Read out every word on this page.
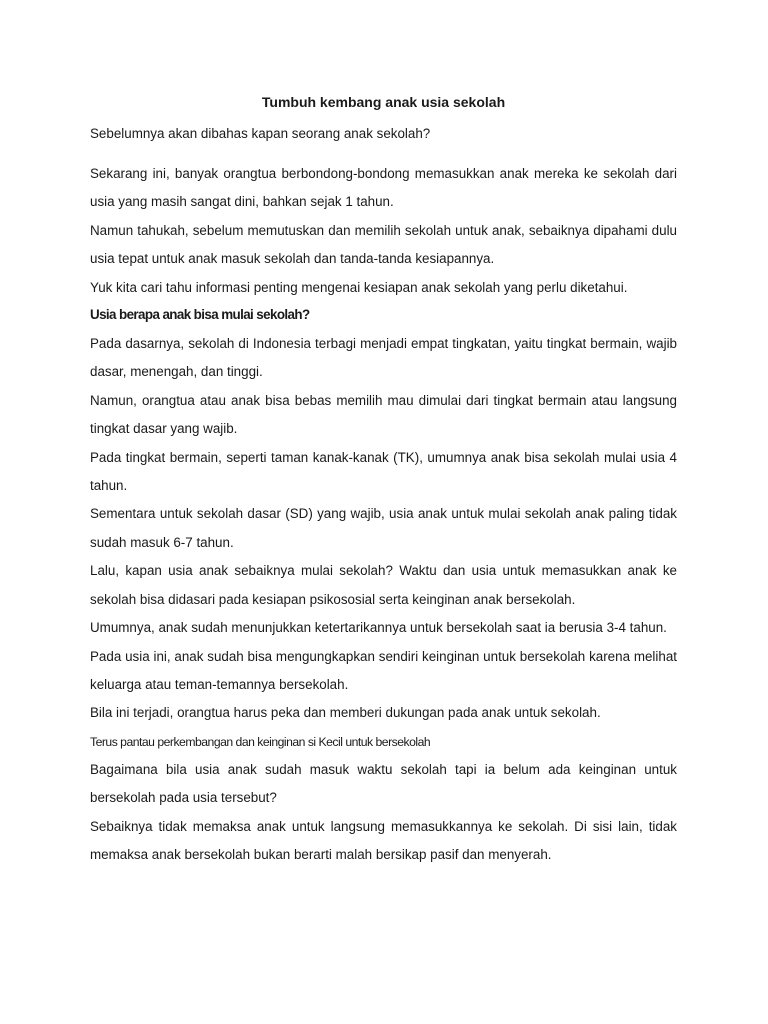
Tumbuh kembang anak usia sekolah

Sebelumnya akan dibahas kapan seorang anak sekolah?

Sekarang ini, banyak orangtua berbondong-bondong memasukkan anak mereka ke sekolah dari usia yang masih sangat dini, bahkan sejak 1 tahun.

Namun tahukah, sebelum memutuskan dan memilih sekolah untuk anak, sebaiknya dipahami dulu usia tepat untuk anak masuk sekolah dan tanda-tanda kesiapannya.

Yuk kita cari tahu informasi penting mengenai kesiapan anak sekolah yang perlu diketahui.

Usia berapa anak bisa mulai sekolah?

Pada dasarnya, sekolah di Indonesia terbagi menjadi empat tingkatan, yaitu tingkat bermain, wajib dasar, menengah, dan tinggi.

Namun, orangtua atau anak bisa bebas memilih mau dimulai dari tingkat bermain atau langsung tingkat dasar yang wajib.

Pada tingkat bermain, seperti taman kanak-kanak (TK), umumnya anak bisa sekolah mulai usia 4 tahun.

Sementara untuk sekolah dasar (SD) yang wajib, usia anak untuk mulai sekolah anak paling tidak sudah masuk 6-7 tahun.

Lalu, kapan usia anak sebaiknya mulai sekolah? Waktu dan usia untuk memasukkan anak ke sekolah bisa didasari pada kesiapan psikososial serta keinginan anak bersekolah.

Umumnya, anak sudah menunjukkan ketertarikannya untuk bersekolah saat ia berusia 3-4 tahun.

Pada usia ini, anak sudah bisa mengungkapkan sendiri keinginan untuk bersekolah karena melihat keluarga atau teman-temannya bersekolah.

Bila ini terjadi, orangtua harus peka dan memberi dukungan pada anak untuk sekolah.

Terus pantau perkembangan dan keinginan si Kecil untuk bersekolah

Bagaimana bila usia anak sudah masuk waktu sekolah tapi ia belum ada keinginan untuk bersekolah pada usia tersebut?

Sebaiknya tidak memaksa anak untuk langsung memasukkannya ke sekolah. Di sisi lain, tidak memaksa anak bersekolah bukan berarti malah bersikap pasif dan menyerah.
